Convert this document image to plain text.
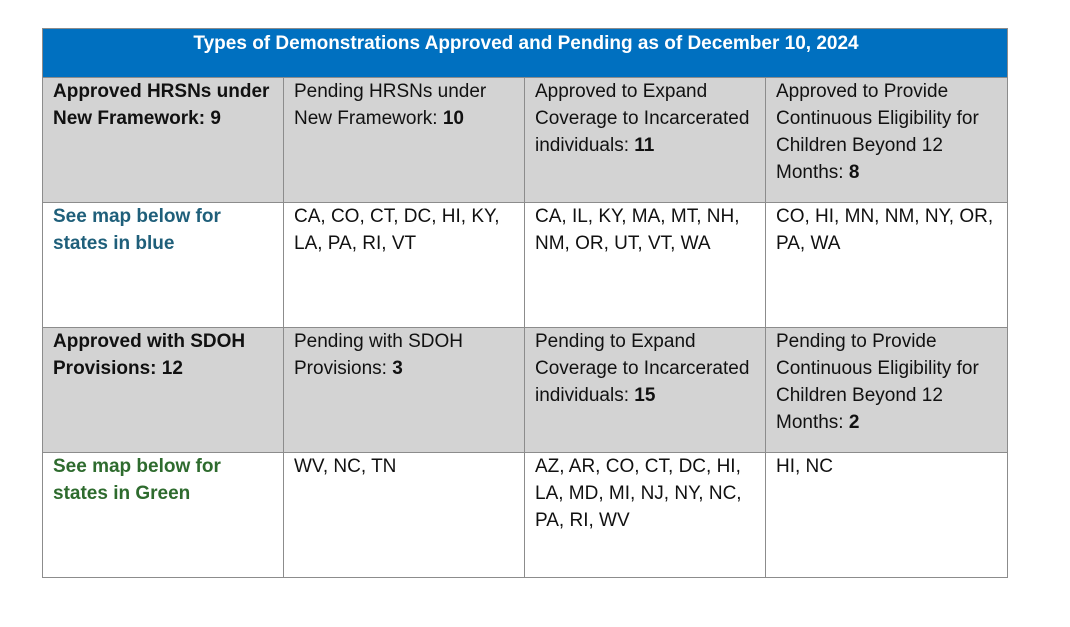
Types of Demonstrations Approved and Pending as of December 10, 2024			

Approved HRSNs under New Framework: 9	Pending HRSNs under New Framework: 10	Approved to Expand Coverage to Incarcerated individuals: 11	Approved to Provide Continuous Eligibility for Children Beyond 12 Months: 8

See map below for states in blue	CA, CO, CT, DC, HI, KY, LA, PA, RI, VT	CA, IL, KY, MA, MT, NH, NM, OR, UT, VT, WA	CO, HI, MN, NM, NY, OR, PA, WA

Approved with SDOH Provisions: 12	Pending with SDOH Provisions: 3	Pending to Expand Coverage to Incarcerated individuals: 15	Pending to Provide Continuous Eligibility for Children Beyond 12 Months: 2

See map below for states in Green	WV, NC, TN	AZ, AR, CO, CT, DC, HI, LA, MD, MI, NJ, NY, NC, PA, RI, WV	HI, NC
